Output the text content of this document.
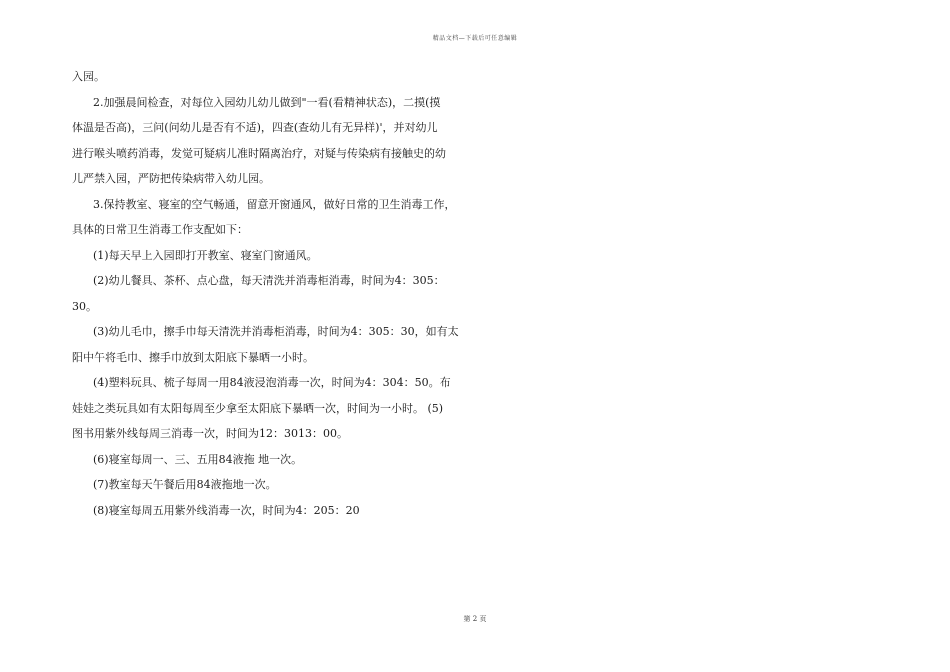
精品文档—下载后可任意编辑
入园。
2.加强晨间检查，对每位入园幼儿幼儿做到"一看(看精神状态)，二摸(摸
体温是否高)，三问(问幼儿是否有不适)，四查(查幼儿有无异样)'，并对幼儿
进行喉头喷药消毒，发觉可疑病儿准时隔离治疗，对疑与传染病有接触史的幼
儿严禁入园，严防把传染病带入幼儿园。
3.保持教室、寝室的空气畅通，留意开窗通风，做好日常的卫生消毒工作，
具体的日常卫生消毒工作支配如下：
(1)每天早上入园即打开教室、寝室门窗通风。
(2)幼儿餐具、茶杯、点心盘，每天清洗并消毒柜消毒，时间为4：305：
30。
(3)幼儿毛巾，擦手巾每天清洗并消毒柜消毒，时间为4：305：30，如有太
阳中午将毛巾、擦手巾放到太阳底下暴晒一小时。
(4)塑料玩具、梳子每周一用84液浸泡消毒一次，时间为4：304：50。布
娃娃之类玩具如有太阳每周至少拿至太阳底下暴晒一次，时间为一小时。 (5)
图书用紫外线每周三消毒一次，时间为12：3013：00。
(6)寝室每周一、三、五用84液拖 地一次。
(7)教室每天午餐后用84液拖地一次。
(8)寝室每周五用紫外线消毒一次，时间为4：205：20
第 2 页
